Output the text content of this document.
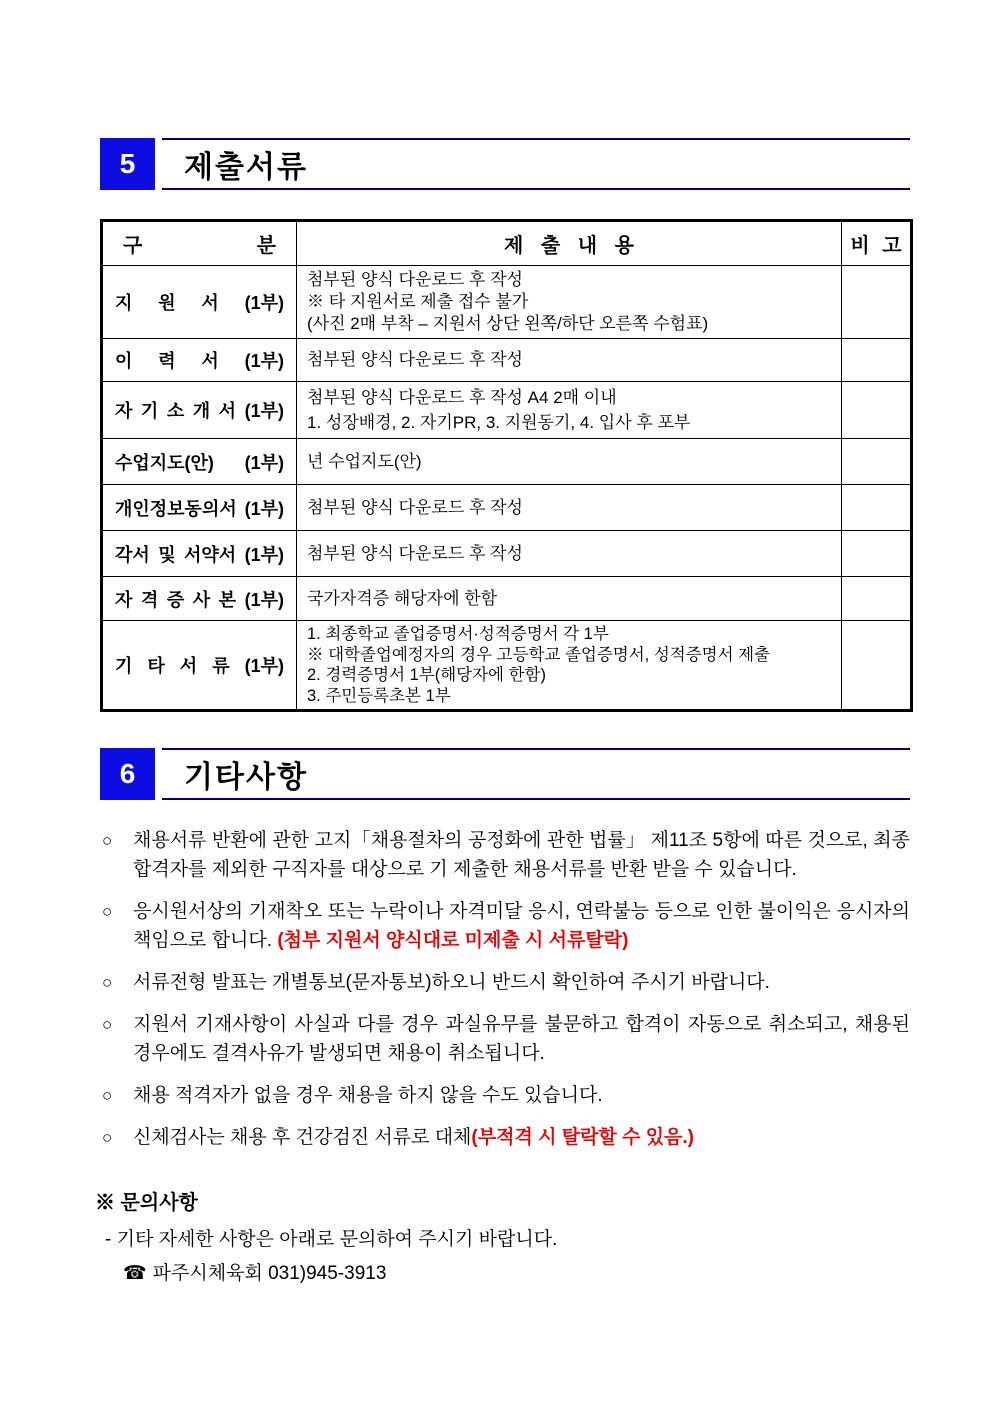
5	제출서류
구 분	제 출 내 용	비 고
지 원 서 (1부)	첨부된 양식 다운로드 후 작성
※ 타 지원서로 제출 접수 불가
(사진 2매 부착 – 지원서 상단 왼쪽/하단 오른쪽 수험표)	

이 력 서 (1부)	첨부된 양식 다운로드 후 작성	

자 기 소 개 서 (1부)	첨부된 양식 다운로드 후 작성 A4 2매 이내
1. 성장배경, 2. 자기PR, 3. 지원동기, 4. 입사 후 포부	

수업지도(안) (1부)	년 수업지도(안)	

개인정보동의서 (1부)	첨부된 양식 다운로드 후 작성	

각서 및 서약서 (1부)	첨부된 양식 다운로드 후 작성	

자 격 증 사 본 (1부)	국가자격증 해당자에 한함	

기 타 서 류 (1부)	1. 최종학교 졸업증명서·성적증명서 각 1부
※ 대학졸업예정자의 경우 고등학교 졸업증명서, 성적증명서 제출
2. 경력증명서 1부(해당자에 한함)
3. 주민등록초본 1부	

6	기타사항
○	채용서류 반환에 관한 고지「채용절차의 공정화에 관한 법률」 제11조 5항에 따른 것으로, 최종합격자를 제외한 구직자를 대상으로 기 제출한 채용서류를 반환 받을 수 있습니다.
○	응시원서상의 기재착오 또는 누락이나 자격미달 응시, 연락불능 등으로 인한 불이익은 응시자의 책임으로 합니다. (첨부 지원서 양식대로 미제출 시 서류탈락)
○	서류전형 발표는 개별통보(문자통보)하오니 반드시 확인하여 주시기 바랍니다.
○	지원서 기재사항이 사실과 다를 경우 과실유무를 불문하고 합격이 자동으로 취소되고, 채용된 경우에도 결격사유가 발생되면 채용이 취소됩니다.
○	채용 적격자가 없을 경우 채용을 하지 않을 수도 있습니다.
○	신체검사는 채용 후 건강검진 서류로 대체(부적격 시 탈락할 수 있음.)
※ 문의사항
- 기타 자세한 사항은 아래로 문의하여 주시기 바랍니다.
☎ 파주시체육회 031)945-3913
